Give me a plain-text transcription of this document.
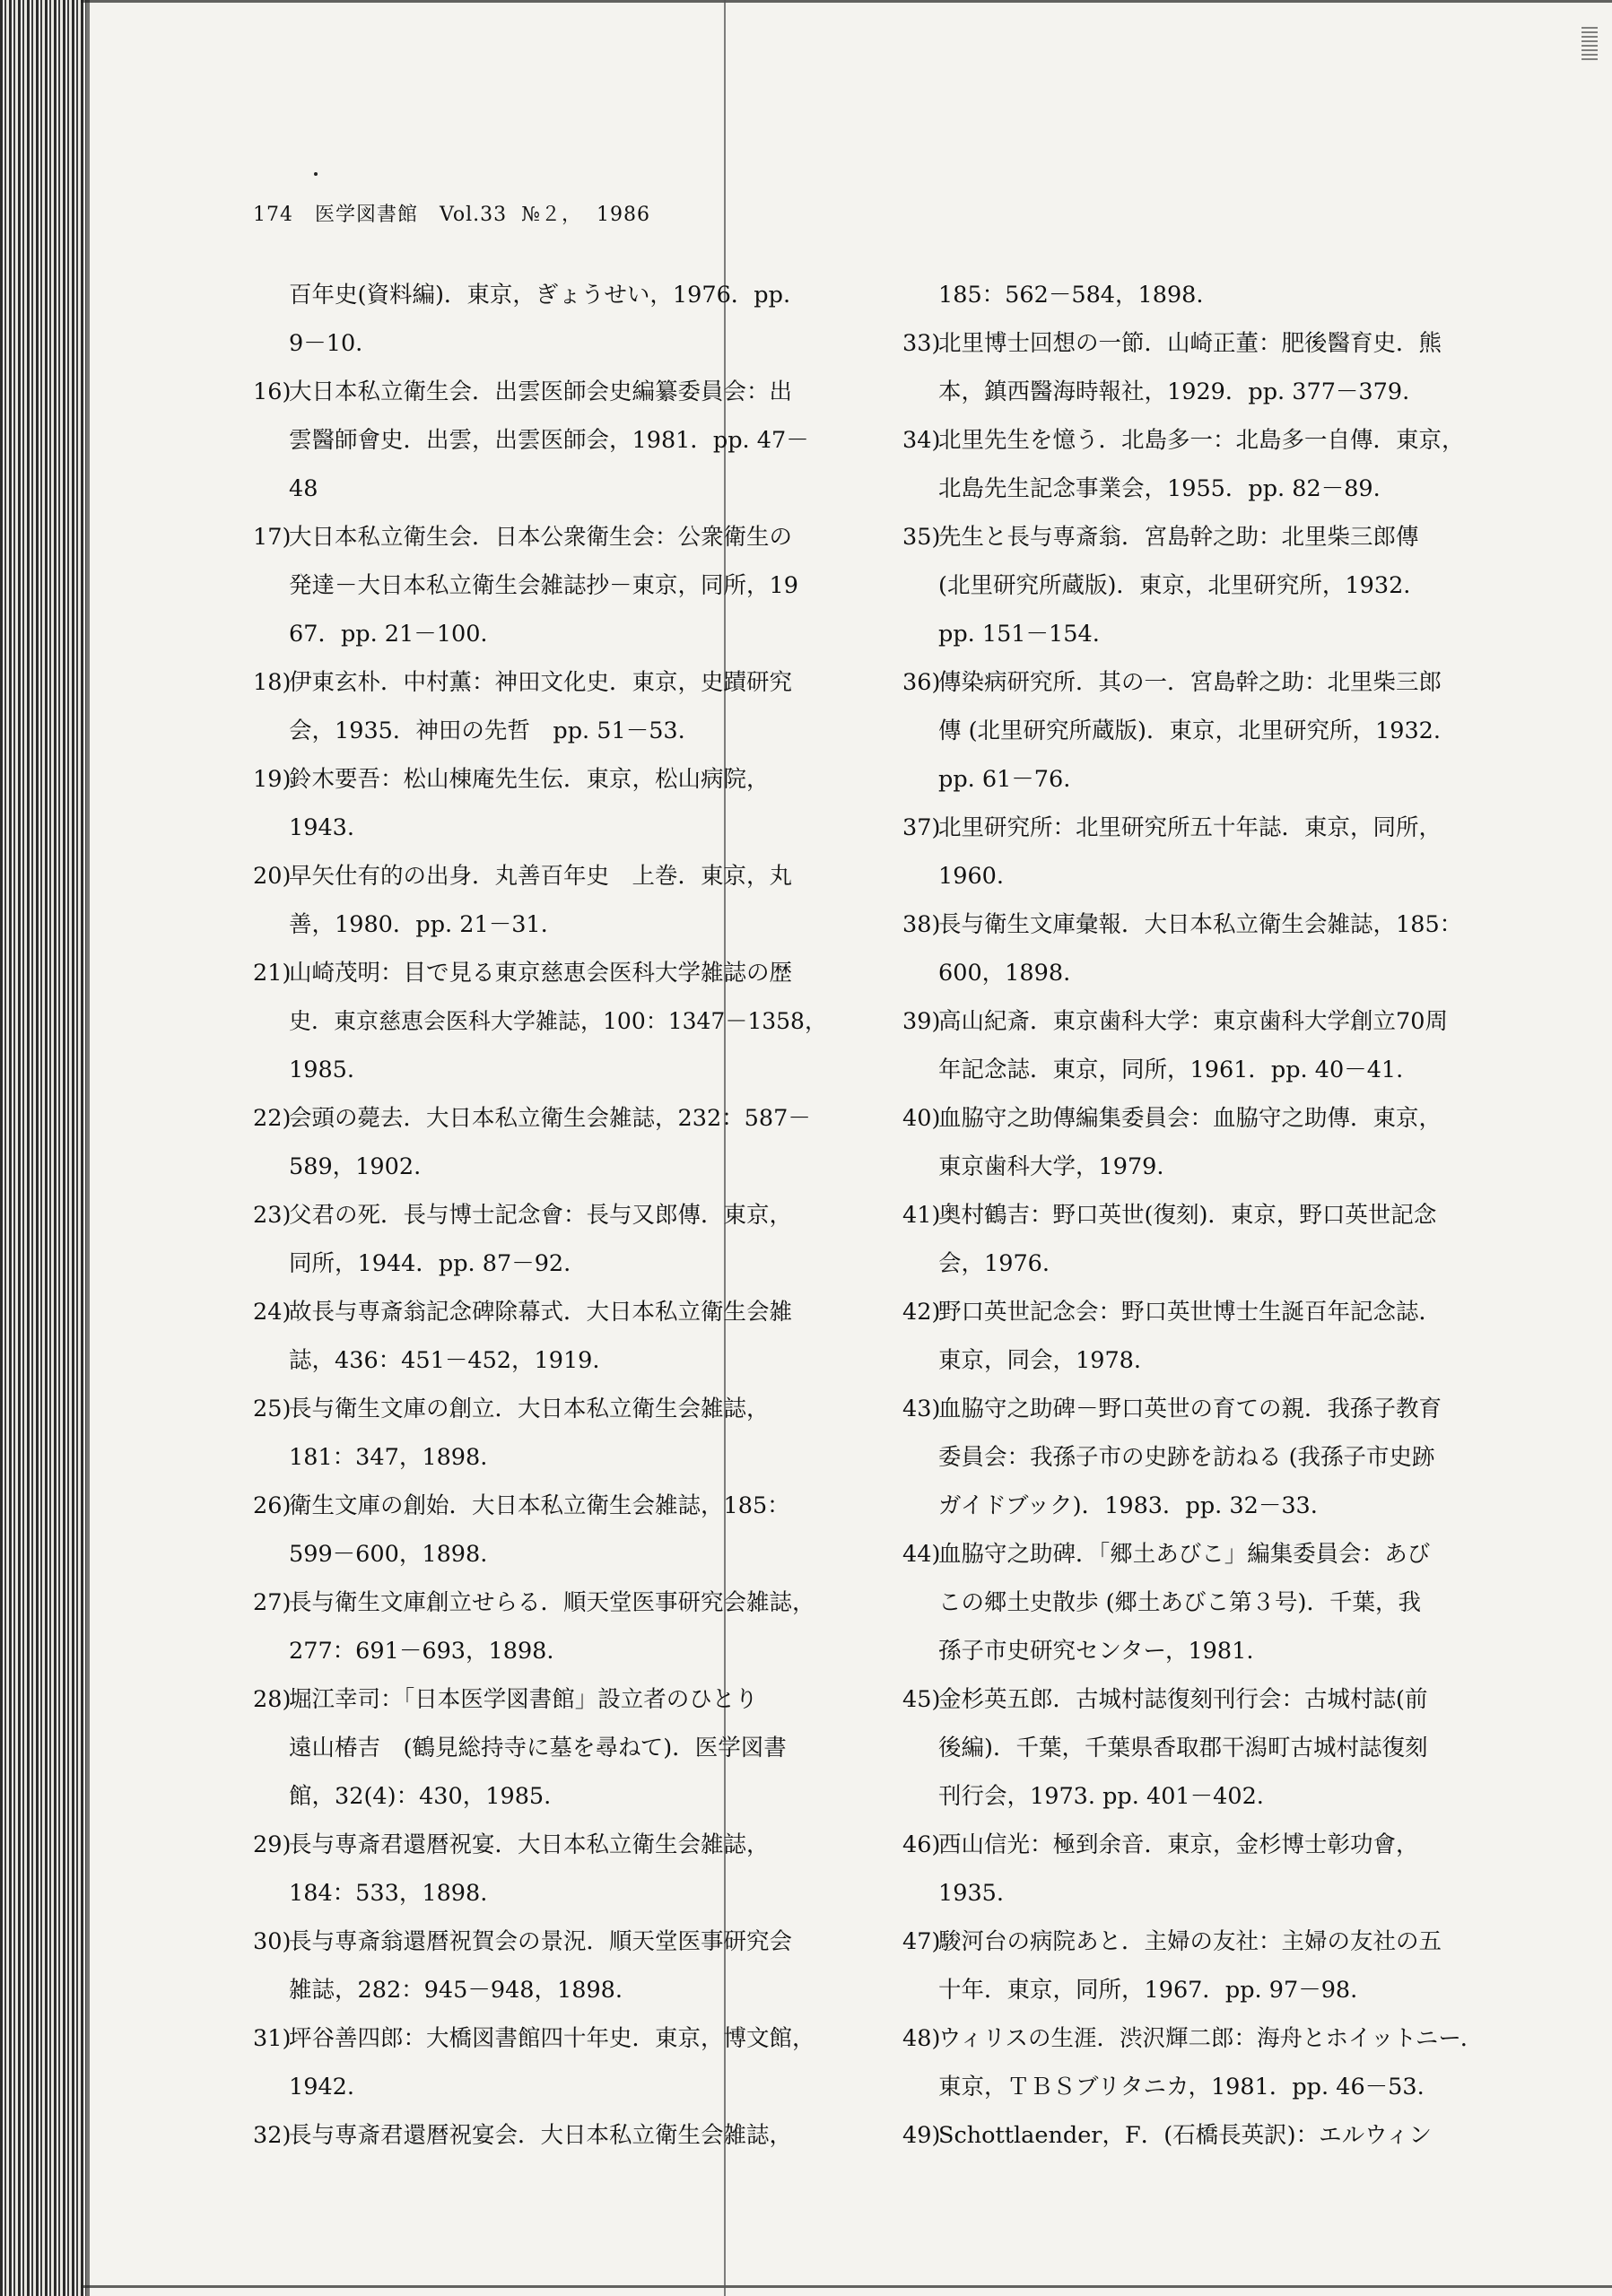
174 医学図書館 Vol.33 №２， 1986
百年史(資料編)．東京，ぎょうせい，1976．pp.
9－10.
16)大日本私立衛生会．出雲医師会史編纂委員会：出
雲醫師會史．出雲，出雲医師会，1981．pp. 47－
48
17)大日本私立衛生会．日本公衆衛生会：公衆衛生の
発達－大日本私立衛生会雑誌抄－東京，同所，19
67．pp. 21－100.
18)伊東玄朴．中村薫：神田文化史．東京，史蹟研究
会，1935．神田の先哲　pp. 51－53.
19)鈴木要吾：松山棟庵先生伝．東京，松山病院，
1943.
20)早矢仕有的の出身．丸善百年史　上巻．東京，丸
善，1980．pp. 21－31.
21)山崎茂明：目で見る東京慈恵会医科大学雑誌の歴
史．東京慈恵会医科大学雑誌，100：1347－1358，
1985.
22)会頭の薨去．大日本私立衛生会雑誌，232：587－
589，1902.
23)父君の死．長与博士記念會：長与又郎傳．東京，
同所，1944．pp. 87－92.
24)故長与専斎翁記念碑除幕式．大日本私立衛生会雑
誌，436：451－452，1919.
25)長与衛生文庫の創立．大日本私立衛生会雑誌，
181：347，1898.
26)衛生文庫の創始．大日本私立衛生会雑誌，185：
599－600，1898.
27)長与衛生文庫創立せらる．順天堂医事研究会雑誌，
277：691－693，1898.
28)堀江幸司：「日本医学図書館」設立者のひとり
遠山椿吉　(鶴見総持寺に墓を尋ねて)．医学図書
館，32(4)：430，1985.
29)長与専斎君還暦祝宴．大日本私立衛生会雑誌，
184：533，1898.
30)長与専斎翁還暦祝賀会の景況．順天堂医事研究会
雑誌，282：945－948，1898.
31)坪谷善四郎：大橋図書館四十年史．東京，博文館，
1942.
32)長与専斎君還暦祝宴会．大日本私立衛生会雑誌，
185：562－584，1898.
33)北里博士回想の一節．山崎正董：肥後醫育史．熊
本，鎮西醫海時報社，1929．pp. 377－379.
34)北里先生を憶う．北島多一：北島多一自傳．東京，
北島先生記念事業会，1955．pp. 82－89.
35)先生と長与専斎翁．宮島幹之助：北里柴三郎傳
(北里研究所蔵版)．東京，北里研究所，1932.
pp. 151－154.
36)傳染病研究所．其の一．宮島幹之助：北里柴三郎
傳 (北里研究所蔵版)．東京，北里研究所，1932.
pp. 61－76.
37)北里研究所：北里研究所五十年誌．東京，同所，
1960.
38)長与衛生文庫彙報．大日本私立衛生会雑誌，185：
600，1898.
39)高山紀斎．東京歯科大学：東京歯科大学創立70周
年記念誌．東京，同所，1961．pp. 40－41.
40)血脇守之助傳編集委員会：血脇守之助傳．東京，
東京歯科大学，1979.
41)奥村鶴吉：野口英世(復刻)．東京，野口英世記念
会，1976.
42)野口英世記念会：野口英世博士生誕百年記念誌．
東京，同会，1978.
43)血脇守之助碑－野口英世の育ての親．我孫子教育
委員会：我孫子市の史跡を訪ねる (我孫子市史跡
ガイドブック)．1983．pp. 32－33.
44)血脇守之助碑．「郷土あびこ」編集委員会：あび
この郷土史散歩 (郷土あびこ第３号)．千葉，我
孫子市史研究センター，1981.
45)金杉英五郎．古城村誌復刻刊行会：古城村誌(前
後編)．千葉，千葉県香取郡干潟町古城村誌復刻
刊行会，1973. pp. 401－402.
46)西山信光：極到余音．東京，金杉博士彰功會，
1935.
47)駿河台の病院あと．主婦の友社：主婦の友社の五
十年．東京，同所，1967．pp. 97－98.
48)ウィリスの生涯．渋沢輝二郎：海舟とホイットニー．
東京，ＴＢＳブリタニカ，1981．pp. 46－53.
49)Schottlaender，F．(石橋長英訳)：エルウィン
